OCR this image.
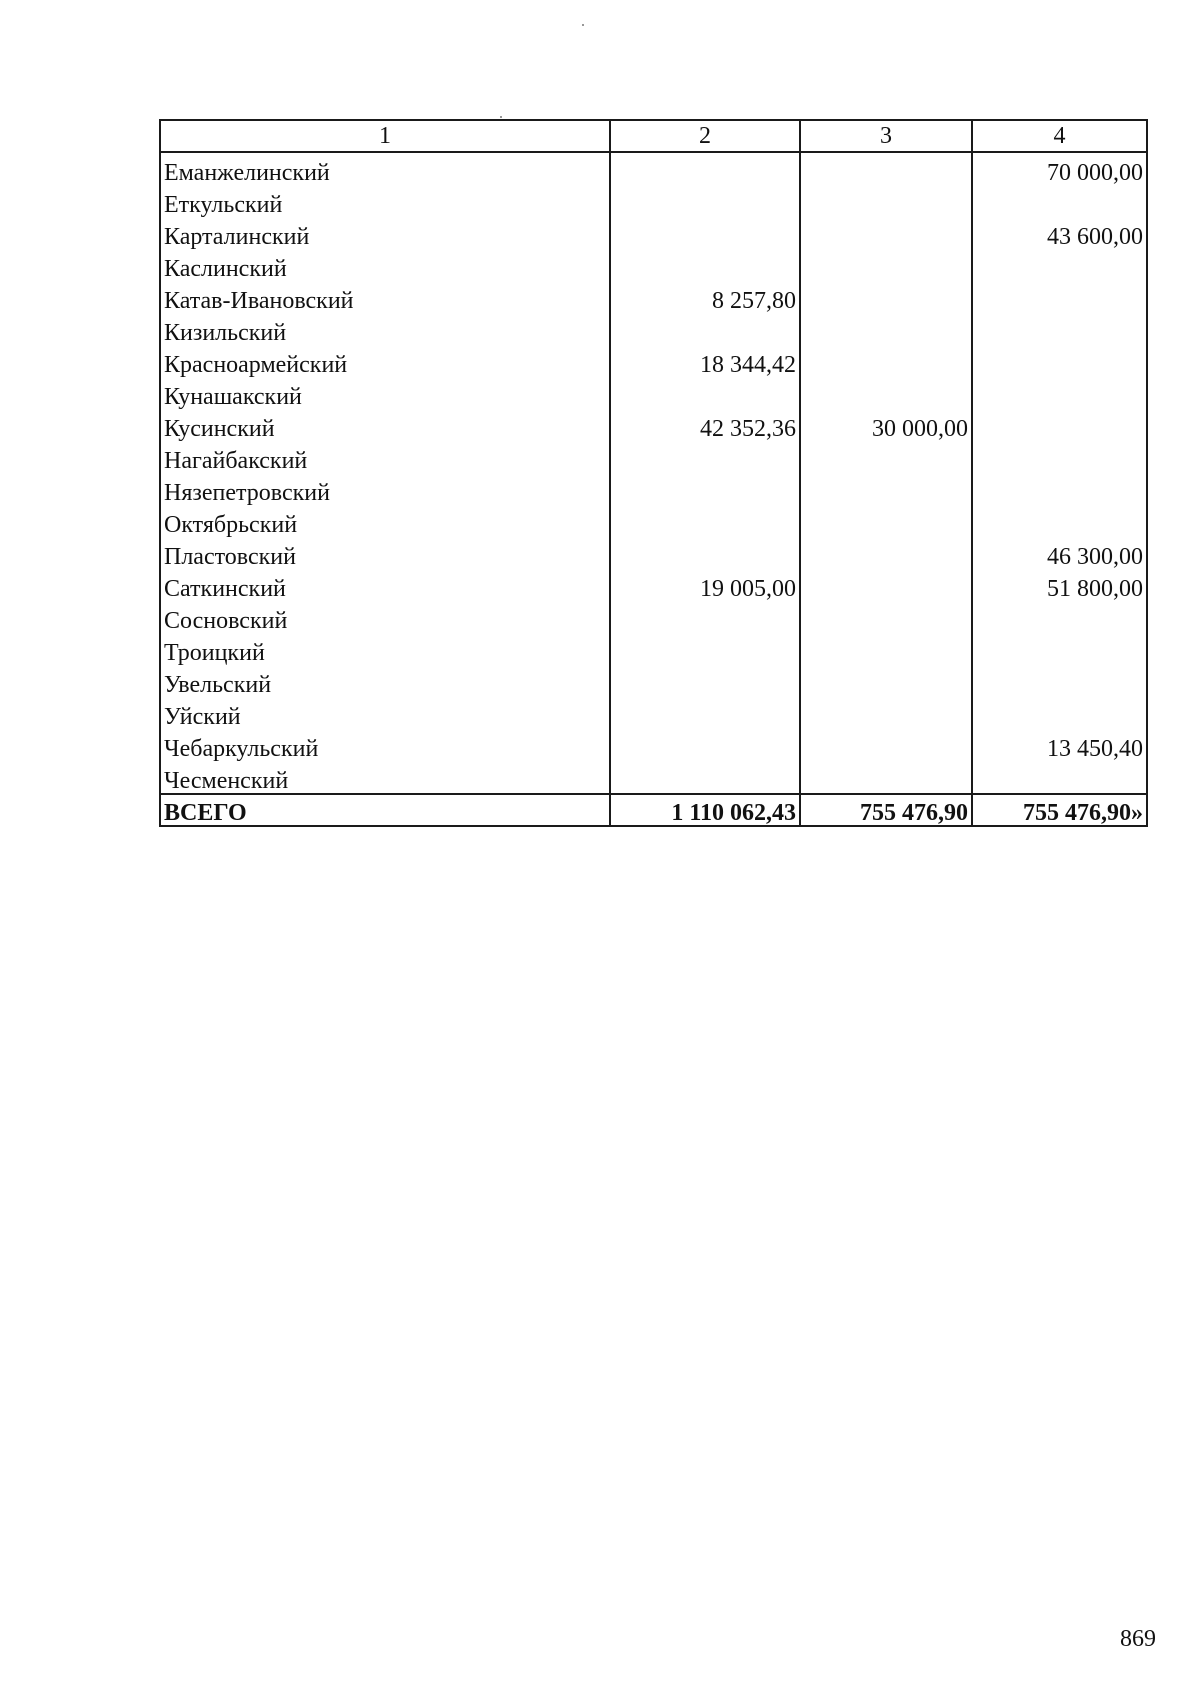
1	2	3	4
Еманжелинский			70 000,00
Еткульский			
Карталинский			43 600,00
Каслинский			
Катав-Ивановский	8 257,80		
Кизильский			
Красноармейский	18 344,42		
Кунашакский			
Кусинский	42 352,36	30 000,00	
Нагайбакский			
Нязепетровский			
Октябрьский			
Пластовский			46 300,00
Саткинский	19 005,00		51 800,00
Сосновский			
Троицкий			
Увельский			
Уйский			
Чебаркульский			13 450,40
Чесменский			
ВСЕГО	1 110 062,43	755 476,90	755 476,90»
869
